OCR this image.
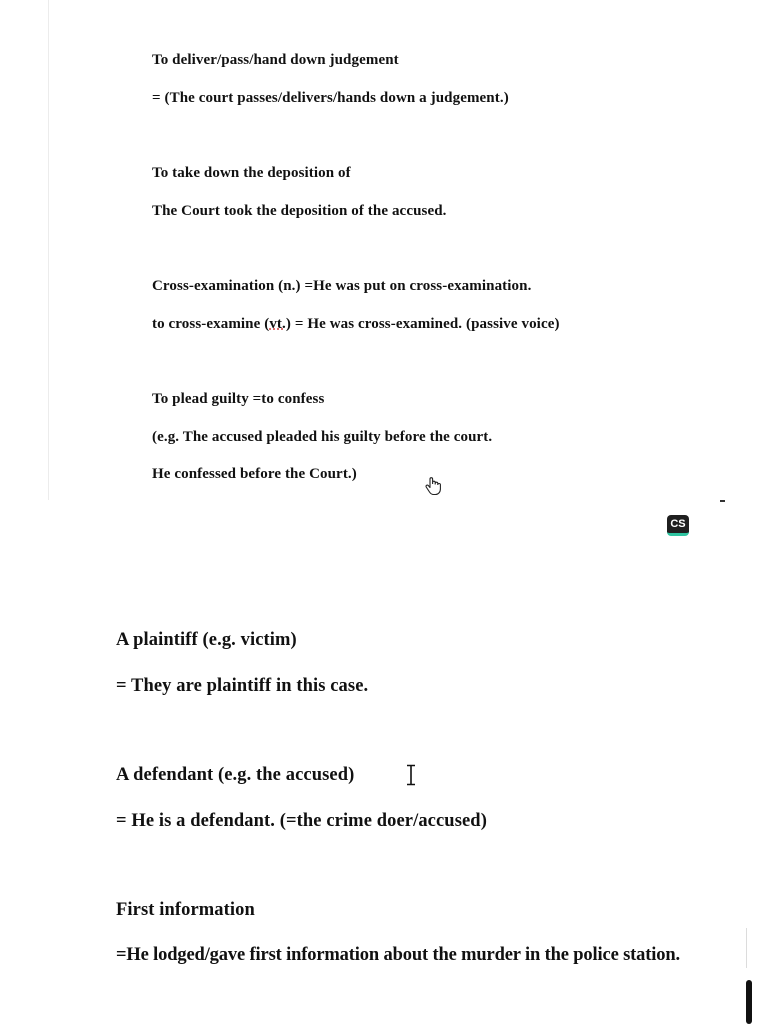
To deliver/pass/hand down judgement
= (The court passes/delivers/hands down a judgement.)
To take down the deposition of
The Court took the deposition of the accused.
Cross-examination (n.) =He was put on cross-examination.
to cross-examine (vt.) = He was cross-examined. (passive voice)
To plead guilty =to confess
(e.g. The accused pleaded his guilty before the court.
He confessed before the Court.)
CS
A plaintiff (e.g. victim)
= They are plaintiff in this case.
A defendant (e.g. the accused)
= He is a defendant. (=the crime doer/accused)
First information
=He lodged/gave first information about the murder in the police station.
